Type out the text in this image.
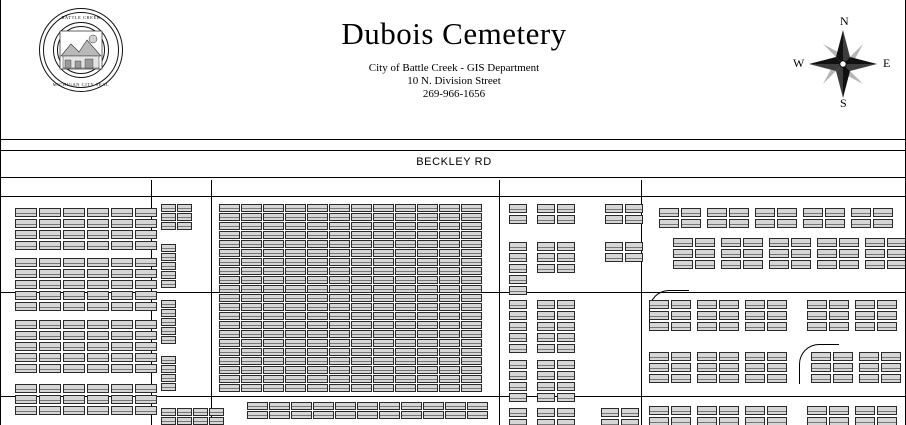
BATTLE CREEK
MICHIGAN CITY SEAL
Dubois Cemetery
City of Battle Creek - GIS Department
10 N. Division Street
269-966-1656
N
S
W	E
BECKLEY RD
